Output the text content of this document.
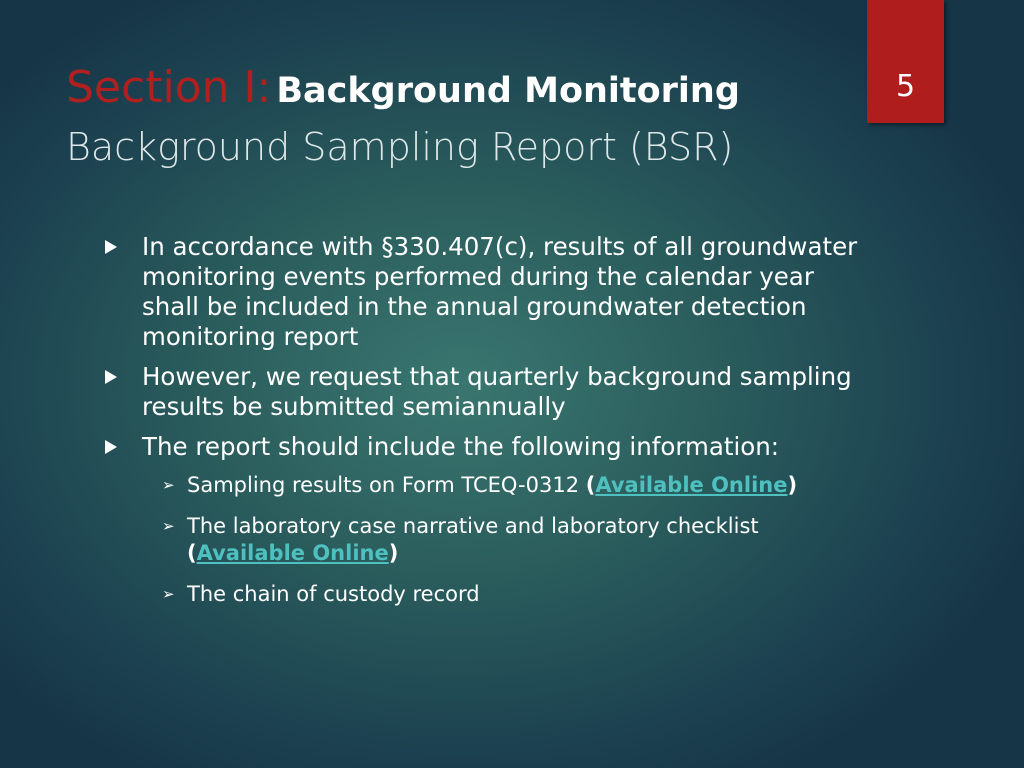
5
Section I: Background Monitoring
Background Sampling Report (BSR)
In accordance with §330.407(c), results of all groundwater monitoring events performed during the calendar year shall be included in the annual groundwater detection monitoring report
However, we request that quarterly background sampling results be submitted semiannually
The report should include the following information:
➢ Sampling results on Form TCEQ-0312 (Available Online)
➢ The laboratory case narrative and laboratory checklist (Available Online)
➢ The chain of custody record
